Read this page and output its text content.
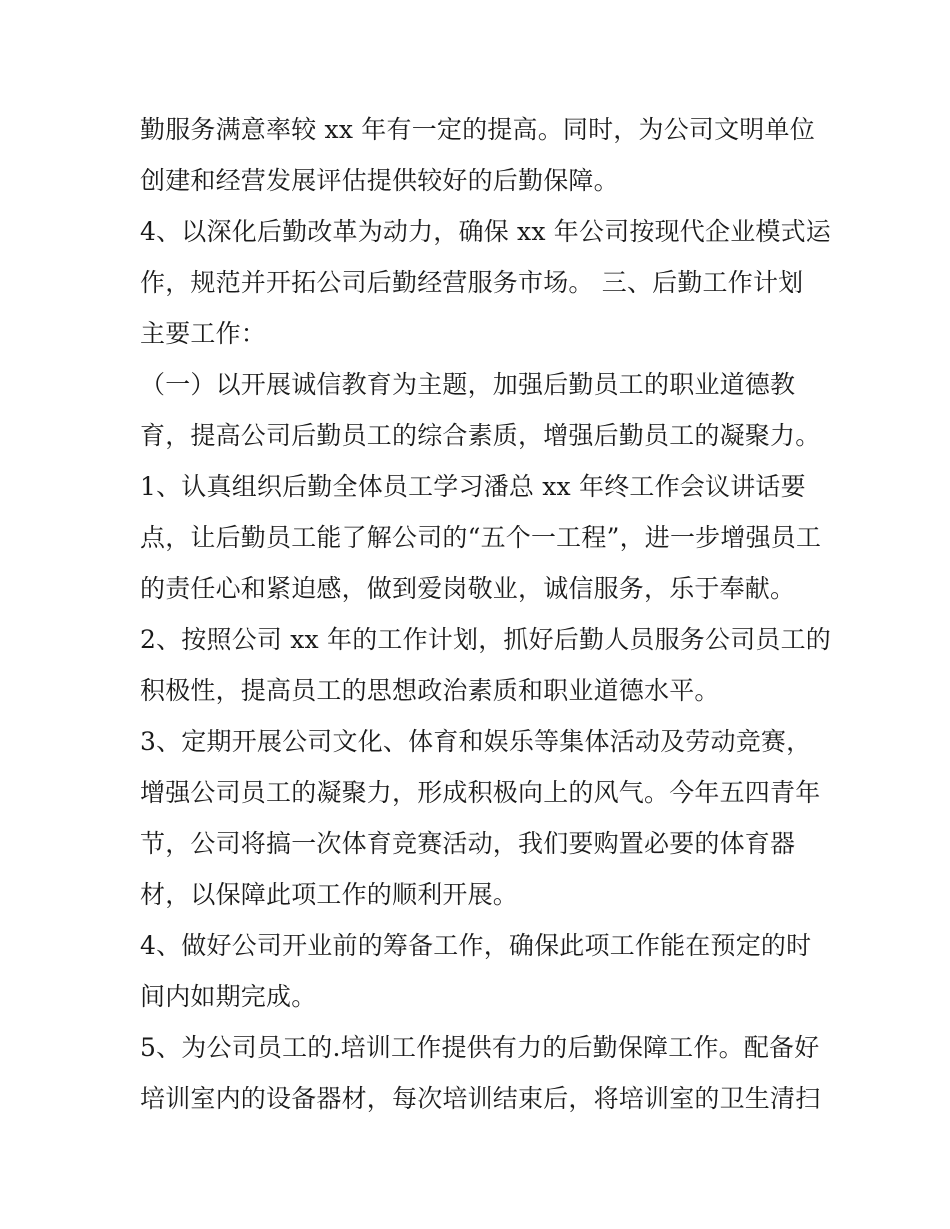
勤服务满意率较 xx 年有一定的提高。同时，为公司文明单位
创建和经营发展评估提供较好的后勤保障。
4、以深化后勤改革为动力，确保 xx 年公司按现代企业模式运
作，规范并开拓公司后勤经营服务市场。 三、后勤工作计划
主要工作：
（一）以开展诚信教育为主题，加强后勤员工的职业道德教
育，提高公司后勤员工的综合素质，增强后勤员工的凝聚力。
1、认真组织后勤全体员工学习潘总 xx 年终工作会议讲话要
点，让后勤员工能了解公司的“五个一工程”，进一步增强员工
的责任心和紧迫感，做到爱岗敬业，诚信服务，乐于奉献。
2、按照公司 xx 年的工作计划，抓好后勤人员服务公司员工的
积极性，提高员工的思想政治素质和职业道德水平。
3、定期开展公司文化、体育和娱乐等集体活动及劳动竞赛，
增强公司员工的凝聚力，形成积极向上的风气。今年五四青年
节，公司将搞一次体育竞赛活动，我们要购置必要的体育器
材，以保障此项工作的顺利开展。
4、做好公司开业前的筹备工作，确保此项工作能在预定的时
间内如期完成。
5、为公司员工的.培训工作提供有力的后勤保障工作。配备好
培训室内的设备器材，每次培训结束后，将培训室的卫生清扫
